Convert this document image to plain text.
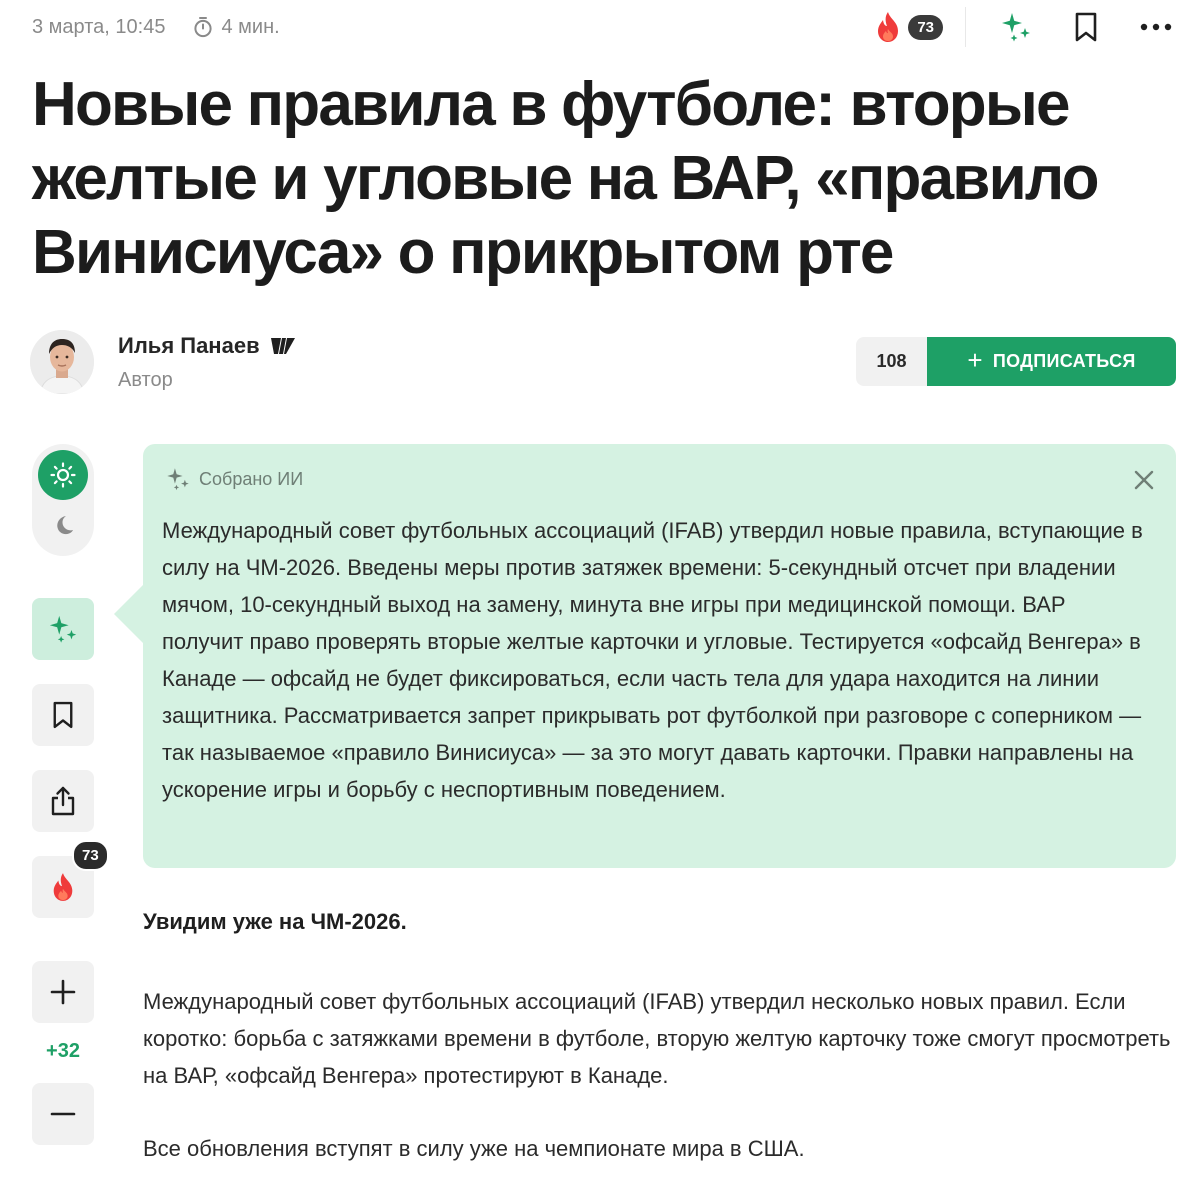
3 марта, 10:45	4 мин.	73
Новые правила в футболе: вторые желтые и угловые на ВАР, «правило Винисиуса» о прикрытом рте
Илья Панаев
Автор
108	+ ПОДПИСАТЬСЯ
73
+32
Собрано ИИ

Международный совет футбольных ассоциаций (IFAB) утвердил новые правила, вступающие в силу на ЧМ-2026. Введены меры против затяжек времени: 5-секундный отсчет при владении мячом, 10-секундный выход на замену, минута вне игры при медицинской помощи. ВАР получит право проверять вторые желтые карточки и угловые. Тестируется «офсайд Венгера» в Канаде — офсайд не будет фиксироваться, если часть тела для удара находится на линии защитника. Рассматривается запрет прикрывать рот футболкой при разговоре с соперником — так называемое «правило Винисиуса» — за это могут давать карточки. Правки направлены на ускорение игры и борьбу с неспортивным поведением.

Увидим уже на ЧМ-2026.

Международный совет футбольных ассоциаций (IFAB) утвердил несколько новых правил. Если коротко: борьба с затяжками времени в футболе, вторую желтую карточку тоже смогут просмотреть на ВАР, «офсайд Венгера» протестируют в Канаде.

Все обновления вступят в силу уже на чемпионате мира в США.
